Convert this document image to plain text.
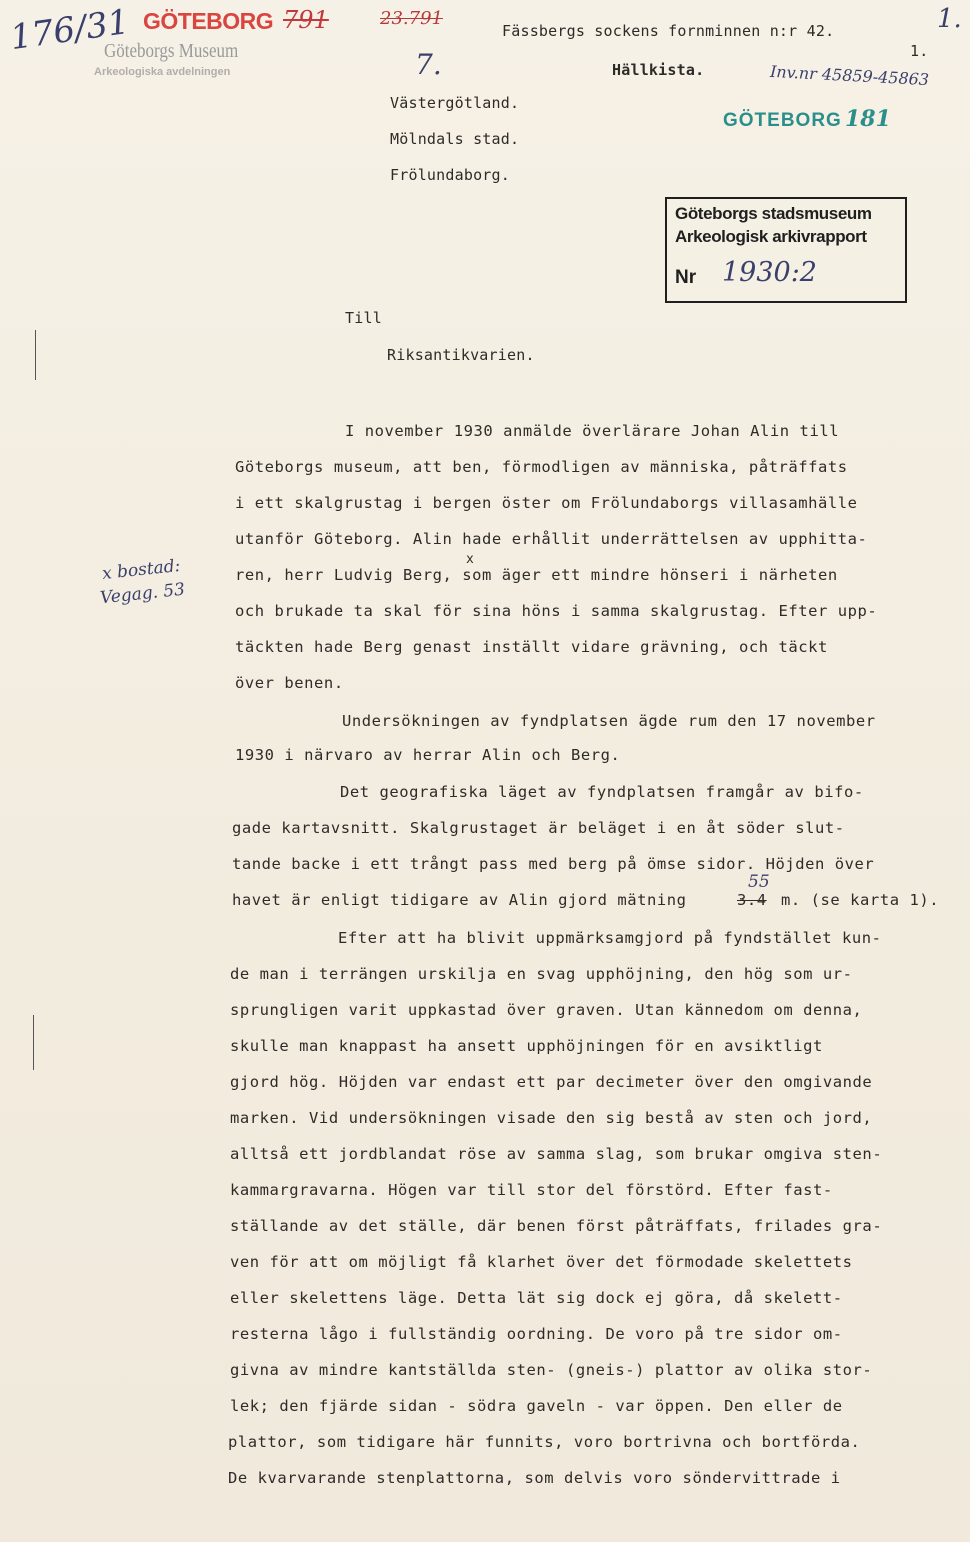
176/31 GÖTEBORG 791	23.791
7.
Göteborgs Museum
Arkeologiska avdelningen
1.
Fässbergs sockens fornminnen n:r 42.
1.
Hällkista.	Inv.nr 45859-45863
Västergötland.
Mölndals stad.
Frölundaborg.
GÖTEBORG 181
Göteborgs stadsmuseum
Arkeologisk arkivrapport
Nr 1930:2
Till
Riksantikvarien.
x bostad:
Vegag. 53
I november 1930 anmälde överlärare Johan Alin till
Göteborgs museum, att ben, förmodligen av människa, påträffats
i ett skalgrustag i bergen öster om Frölundaborgs villasamhälle
utanför Göteborg. Alin hade erhållit underrättelsen av upphitta-
ren, herr Ludvig Berg, som äger ett mindre hönseri i närheten
x
och brukade ta skal för sina höns i samma skalgrustag. Efter upp-
täckten hade Berg genast inställt vidare grävning, och täckt
över benen.
Undersökningen av fyndplatsen ägde rum den 17 november
1930 i närvaro av herrar Alin och Berg.
Det geografiska läget av fyndplatsen framgår av bifo-
gade kartavsnitt. Skalgrustaget är beläget i en åt söder slut-
tande backe i ett trångt pass med berg på ömse sidor. Höjden över
havet är enligt tidigare av Alin gjord mätning	3.4
55
m. (se karta 1).
Efter att ha blivit uppmärksamgjord på fyndstället kun-
de man i terrängen urskilja en svag upphöjning, den hög som ur-
sprungligen varit uppkastad över graven. Utan kännedom om denna,
skulle man knappast ha ansett upphöjningen för en avsiktligt
gjord hög. Höjden var endast ett par decimeter över den omgivande
marken. Vid undersökningen visade den sig bestå av sten och jord,
alltså ett jordblandat röse av samma slag, som brukar omgiva sten-
kammargravarna. Högen var till stor del förstörd. Efter fast-
ställande av det ställe, där benen först påträffats, frilades gra-
ven för att om möjligt få klarhet över det förmodade skelettets
eller skelettens läge. Detta lät sig dock ej göra, då skelett-
resterna lågo i fullständig oordning. De voro på tre sidor om-
givna av mindre kantställda sten- (gneis-) plattor av olika stor-
lek; den fjärde sidan - södra gaveln - var öppen. Den eller de
plattor, som tidigare här funnits, voro bortrivna och bortförda.
De kvarvarande stenplattorna, som delvis voro söndervittrade i
